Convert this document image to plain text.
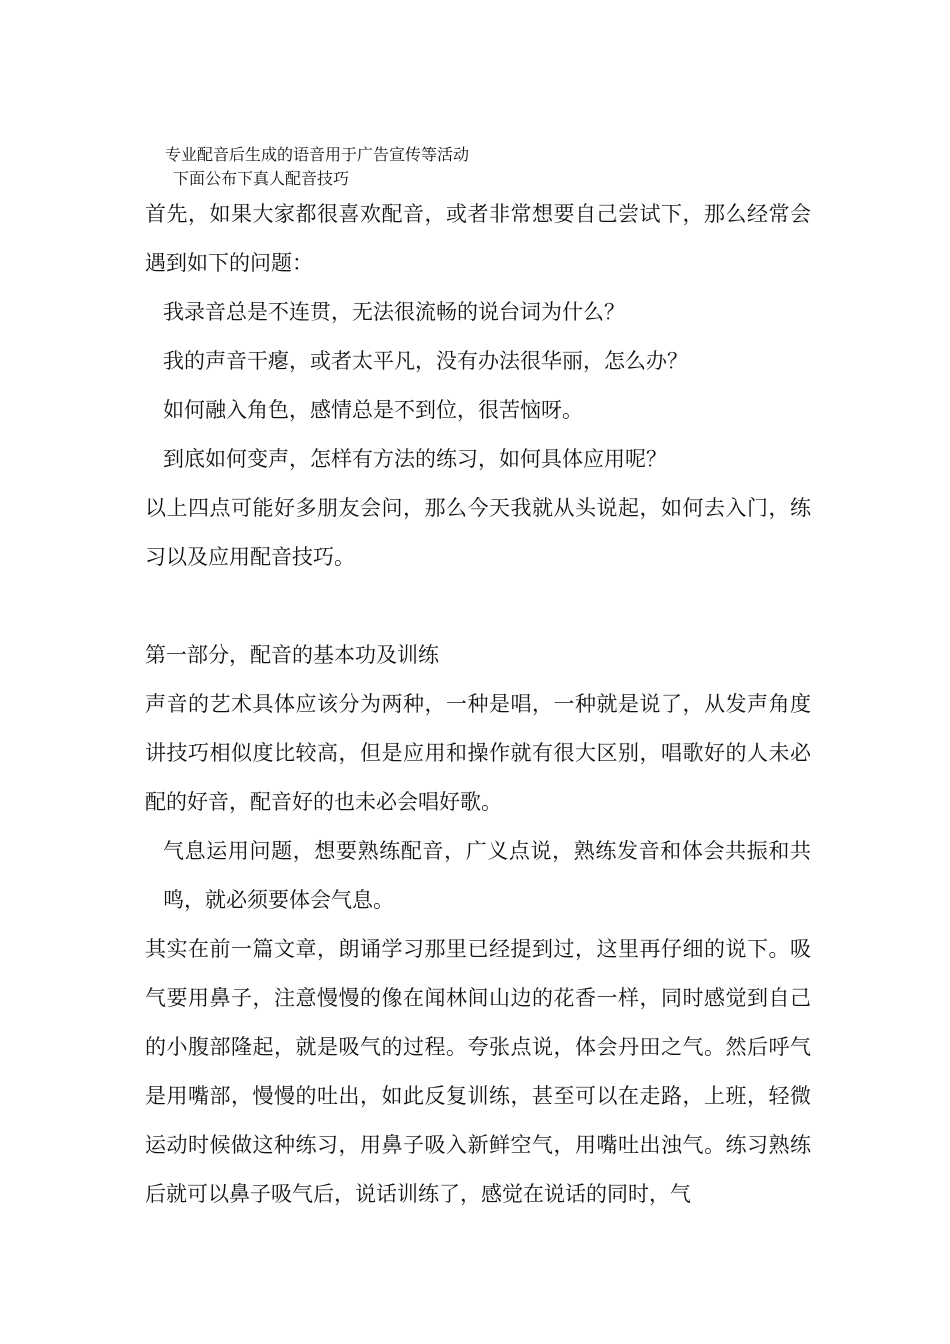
专业配音后生成的语音用于广告宣传等活动
下面公布下真人配音技巧

首先，如果大家都很喜欢配音，或者非常想要自己尝试下，那么经常会遇到如下的问题：

我录音总是不连贯，无法很流畅的说台词为什么？

我的声音干瘪，或者太平凡，没有办法很华丽，怎么办？

如何融入角色，感情总是不到位，很苦恼呀。

到底如何变声，怎样有方法的练习，如何具体应用呢？

以上四点可能好多朋友会问，那么今天我就从头说起，如何去入门，练习以及应用配音技巧。

第一部分，配音的基本功及训练

声音的艺术具体应该分为两种，一种是唱，一种就是说了，从发声角度讲技巧相似度比较高，但是应用和操作就有很大区别，唱歌好的人未必配的好音，配音好的也未必会唱好歌。

气息运用问题，想要熟练配音，广义点说，熟练发音和体会共振和共鸣，就必须要体会气息。

其实在前一篇文章，朗诵学习那里已经提到过，这里再仔细的说下。吸气要用鼻子，注意慢慢的像在闻林间山边的花香一样，同时感觉到自己的小腹部隆起，就是吸气的过程。夸张点说，体会丹田之气。然后呼气是用嘴部，慢慢的吐出，如此反复训练，甚至可以在走路，上班，轻微运动时候做这种练习，用鼻子吸入新鲜空气，用嘴吐出浊气。练习熟练后就可以鼻子吸气后，说话训练了，感觉在说话的同时，气
